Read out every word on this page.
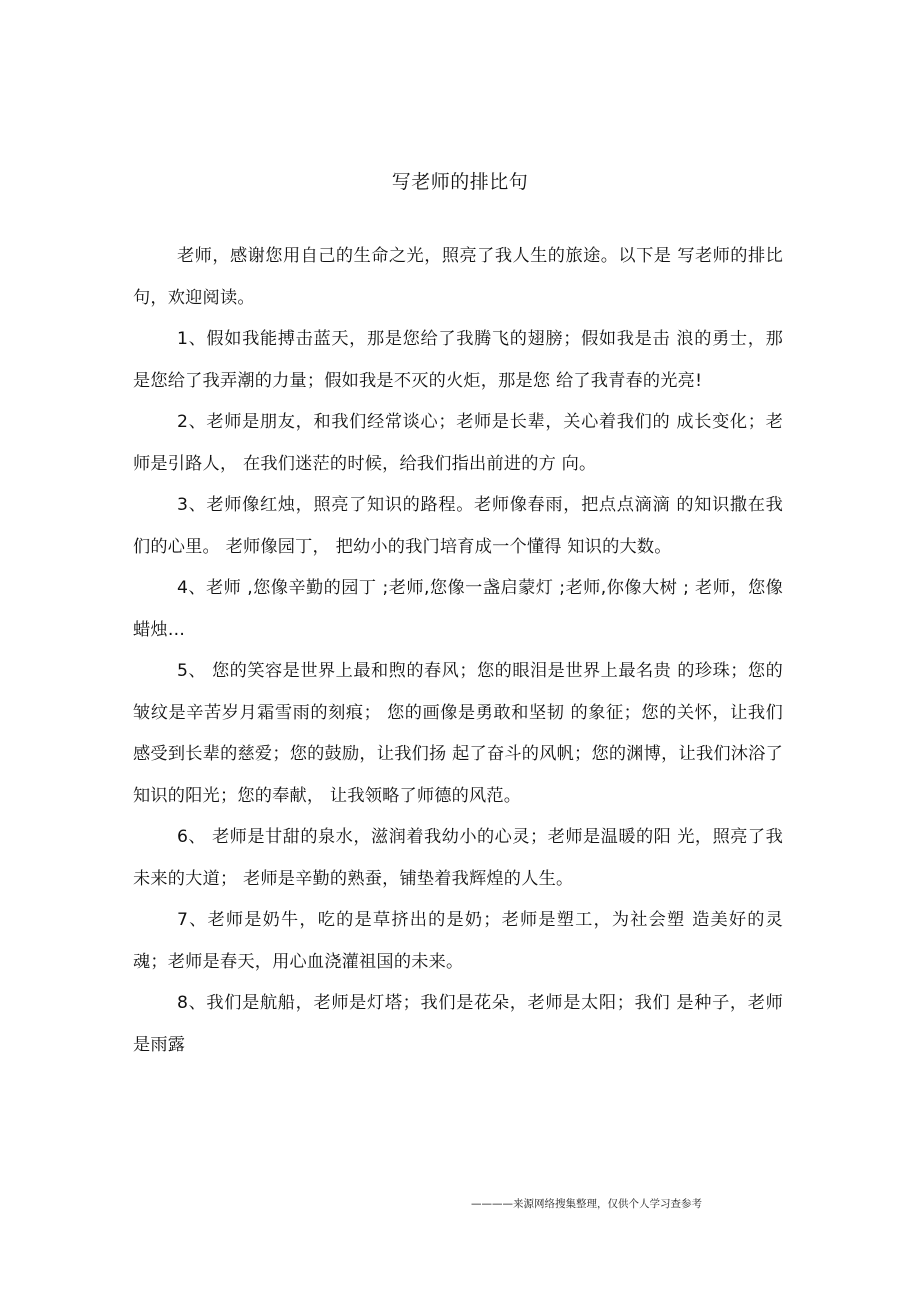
写老师的排比句

老师，感谢您用自己的生命之光，照亮了我人生的旅途。以下是 写老师的排比句，欢迎阅读。

1、假如我能搏击蓝天，那是您给了我腾飞的翅膀；假如我是击 浪的勇士，那是您给了我弄潮的力量；假如我是不灭的火炬，那是您 给了我青春的光亮!

2、老师是朋友，和我们经常谈心；老师是长辈，关心着我们的 成长变化；老师是引路人， 在我们迷茫的时候，给我们指出前进的方 向。

3、老师像红烛，照亮了知识的路程。老师像春雨，把点点滴滴 的知识撒在我们的心里。 老师像园丁， 把幼小的我门培育成一个懂得 知识的大数。

4、老师 ,您像辛勤的园丁 ;老师,您像一盏启蒙灯 ;老师,你像大树 ; 老师，您像蜡烛…

5、 您的笑容是世界上最和煦的春风；您的眼泪是世界上最名贵 的珍珠；您的皱纹是辛苦岁月霜雪雨的刻痕； 您的画像是勇敢和坚韧 的象征；您的关怀，让我们感受到长辈的慈爱；您的鼓励，让我们扬 起了奋斗的风帆；您的渊博，让我们沐浴了知识的阳光；您的奉献， 让我领略了师德的风范。

6、 老师是甘甜的泉水，滋润着我幼小的心灵；老师是温暖的阳 光，照亮了我未来的大道； 老师是辛勤的熟蚕，铺垫着我辉煌的人生。

7、老师是奶牛，吃的是草挤出的是奶；老师是塑工，为社会塑 造美好的灵魂；老师是春天，用心血浇灌祖国的未来。

8、我们是航船，老师是灯塔；我们是花朵，老师是太阳；我们 是种子，老师是雨露

————来源网络搜集整理，仅供个人学习查参考
